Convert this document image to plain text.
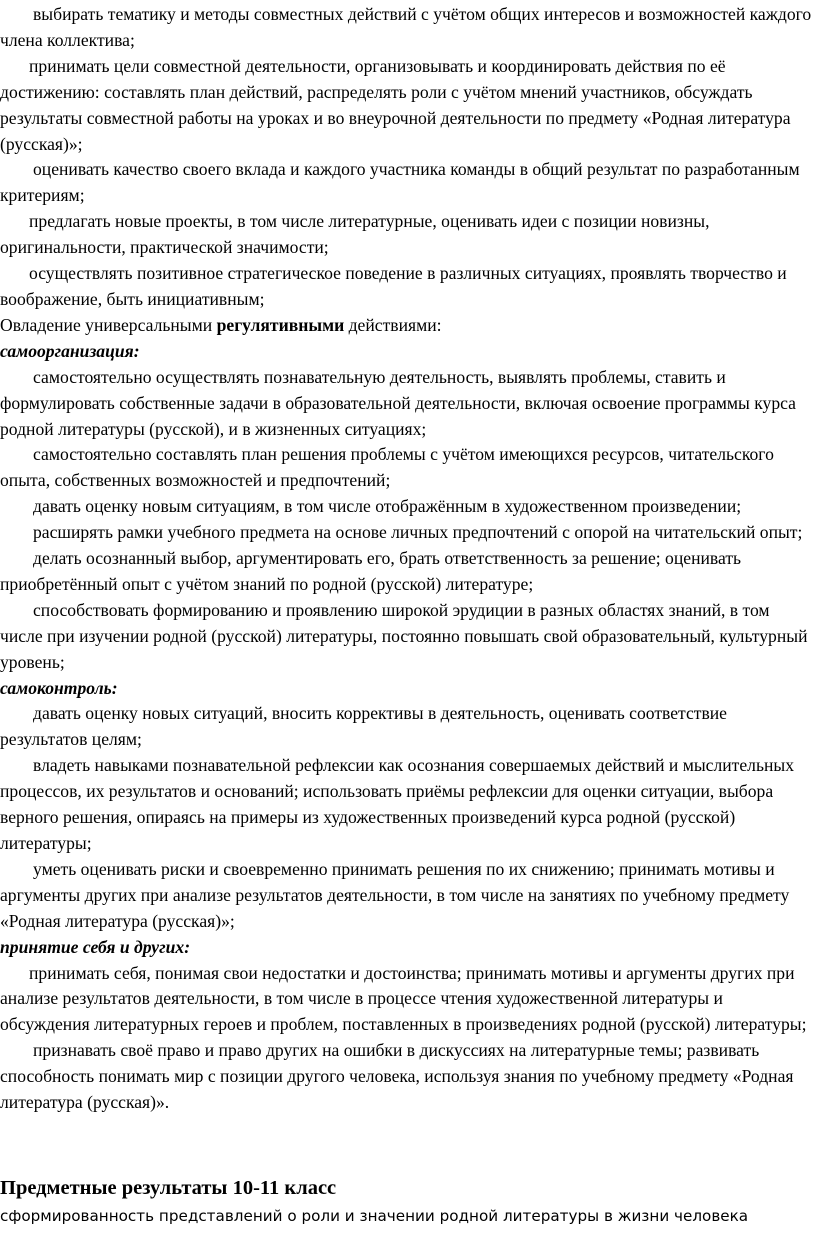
выбирать тематику и методы совместных действий с учётом общих интересов и возможностей каждого члена коллектива;

принимать цели совместной деятельности, организовывать и координировать действия по её достижению: составлять план действий, распределять роли с учётом мнений участников, обсуждать результаты совместной работы на уроках и во внеурочной деятельности по предмету «Родная литература (русская)»;

оценивать качество своего вклада и каждого участника команды в общий результат по разработанным критериям;

предлагать новые проекты, в том числе литературные, оценивать идеи с позиции новизны, оригинальности, практической значимости;

осуществлять позитивное стратегическое поведение в различных ситуациях, проявлять творчество и воображение, быть инициативным;

Овладение универсальными регулятивными действиями:

самоорганизация:

самостоятельно осуществлять познавательную деятельность, выявлять проблемы, ставить и формулировать собственные задачи в образовательной деятельности, включая освоение программы курса родной литературы (русской), и в жизненных ситуациях;

самостоятельно составлять план решения проблемы с учётом имеющихся ресурсов, читательского опыта, собственных возможностей и предпочтений;

давать оценку новым ситуациям, в том числе отображённым в художественном произведении;

расширять рамки учебного предмета на основе личных предпочтений с опорой на читательский опыт;

делать осознанный выбор, аргументировать его, брать ответственность за решение; оценивать приобретённый опыт с учётом знаний по родной (русской) литературе;

способствовать формированию и проявлению широкой эрудиции в разных областях знаний, в том числе при изучении родной (русской) литературы, постоянно повышать свой образовательный, культурный уровень;

самоконтроль:

давать оценку новых ситуаций, вносить коррективы в деятельность, оценивать соответствие результатов целям;

владеть навыками познавательной рефлексии как осознания совершаемых действий и мыслительных процессов, их результатов и оснований; использовать приёмы рефлексии для оценки ситуации, выбора верного решения, опираясь на примеры из художественных произведений курса родной (русской) литературы;

уметь оценивать риски и своевременно принимать решения по их снижению; принимать мотивы и аргументы других при анализе результатов деятельности, в том числе на занятиях по учебному предмету «Родная литература (русская)»;

принятие себя и других:

принимать себя, понимая свои недостатки и достоинства; принимать мотивы и аргументы других при анализе результатов деятельности, в том числе в процессе чтения художественной литературы и обсуждения литературных героев и проблем, поставленных в произведениях родной (русской) литературы;

признавать своё право и право других на ошибки в дискуссиях на литературные темы; развивать способность понимать мир с позиции другого человека, используя знания по учебному предмету «Родная литература (русская)».

Предметные результаты 10-11 класс
сформированность представлений о роли и значении родной литературы в жизни человека
